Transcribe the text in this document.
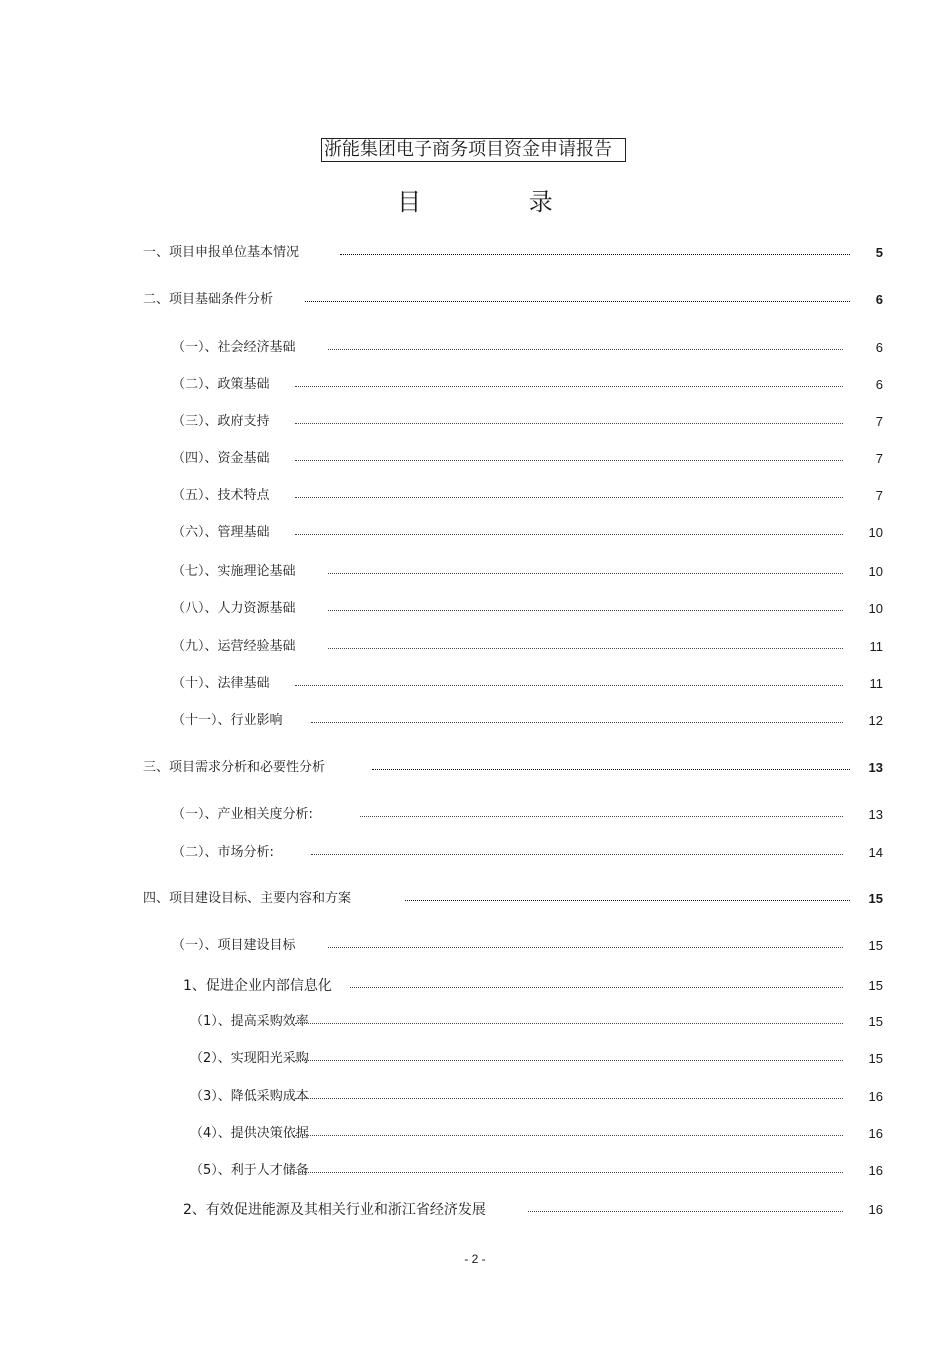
浙能集团电子商务项目资金申请报告
目 录
一、项目申报单位基本情况	5
二、项目基础条件分析	6
（一）、社会经济基础	6
（二）、政策基础	6
（三）、政府支持	7
（四）、资金基础	7
（五）、技术特点	7
（六）、管理基础	10
（七）、实施理论基础	10
（八）、人力资源基础	10
（九）、运营经验基础	11
（十）、法律基础	11
（十一）、行业影响	12
三、项目需求分析和必要性分析	13
（一）、产业相关度分析:	13
（二）、市场分析:	14
四、项目建设目标、主要内容和方案	15
（一）、项目建设目标	15
1、促进企业内部信息化	15
（1）、提高采购效率	15
（2）、实现阳光采购	15
（3）、降低采购成本	16
（4）、提供决策依据	16
（5）、利于人才储备	16
2、有效促进能源及其相关行业和浙江省经济发展	16
- 2 -
